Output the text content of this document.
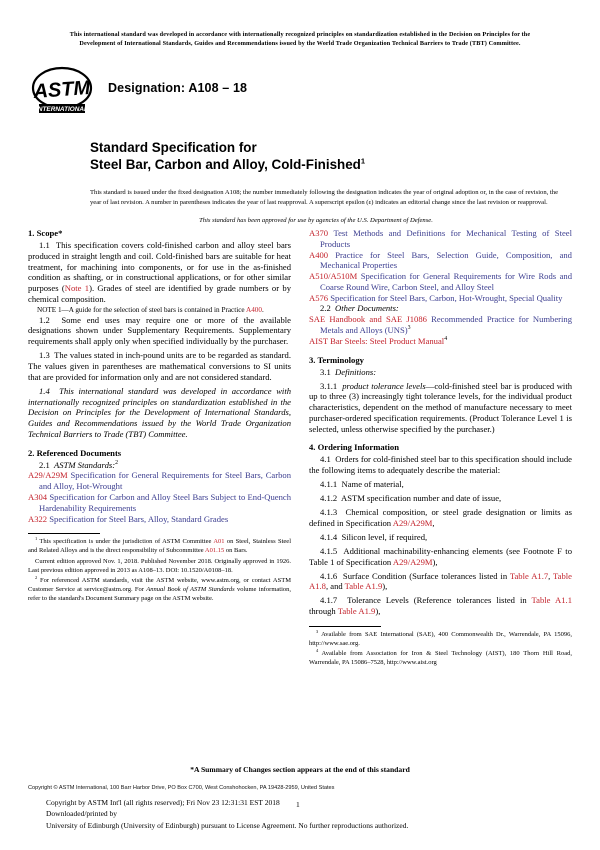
This international standard was developed in accordance with internationally recognized principles on standardization established in the Decision on Principles for the
Development of International Standards, Guides and Recommendations issued by the World Trade Organization Technical Barriers to Trade (TBT) Committee.
ASTM
INTERNATIONAL
Designation: A108 – 18
Standard Specification for
Steel Bar, Carbon and Alloy, Cold-Finished$^1$
This standard is issued under the fixed designation A108; the number immediately following the designation indicates the year of original adoption or, in the case of revision, the year of last revision. A number in parentheses indicates the year of last reapproval. A superscript epsilon (ε) indicates an editorial change since the last revision or reapproval.
This standard has been approved for use by agencies of the U.S. Department of Defense.
1. Scope*

1.1 This specification covers cold-finished carbon and alloy steel bars produced in straight length and coil. Cold-finished bars are suitable for heat treatment, for machining into components, or for use in the as-finished condition as shafting, or in constructional applications, or for other similar purposes (Note 1). Grades of steel are identified by grade numbers or by chemical composition.

NOTE 1—A guide for the selection of steel bars is contained in Practice A400.

1.2 Some end uses may require one or more of the available designations shown under Supplementary Requirements. Supplementary requirements shall apply only when specified individually by the purchaser.

1.3 The values stated in inch-pound units are to be regarded as standard. The values given in parentheses are mathematical conversions to SI units that are provided for information only and are not considered standard.

1.4 This international standard was developed in accordance with internationally recognized principles on standardization established in the Decision on Principles for the Development of International Standards, Guides and Recommendations issued by the World Trade Organization Technical Barriers to Trade (TBT) Committee.

2. Referenced Documents

2.1 ASTM Standards:$^2$

A29/A29M Specification for General Requirements for Steel Bars, Carbon and Alloy, Hot-Wrought

A304 Specification for Carbon and Alloy Steel Bars Subject to End-Quench Hardenability Requirements

A322 Specification for Steel Bars, Alloy, Standard Grades

$^1$ This specification is under the jurisdiction of ASTM Committee A01 on Steel, Stainless Steel and Related Alloys and is the direct responsibility of Subcommittee A01.15 on Bars.

Current edition approved Nov. 1, 2018. Published November 2018. Originally approved in 1926. Last previous edition approved in 2013 as A108–13. DOI: 10.1520/A0108–18.

$^2$ For referenced ASTM standards, visit the ASTM website, www.astm.org, or contact ASTM Customer Service at service@astm.org. For Annual Book of ASTM Standards volume information, refer to the standard's Document Summary page on the ASTM website.

A370 Test Methods and Definitions for Mechanical Testing of Steel Products

A400 Practice for Steel Bars, Selection Guide, Composition, and Mechanical Properties

A510/A510M Specification for General Requirements for Wire Rods and Coarse Round Wire, Carbon Steel, and Alloy Steel

A576 Specification for Steel Bars, Carbon, Hot-Wrought, Special Quality

2.2 Other Documents:

SAE Handbook and SAE J1086 Recommended Practice for Numbering Metals and Alloys (UNS)$^3$

AIST Bar Steels: Steel Product Manual$^4$

3. Terminology

3.1 Definitions:

3.1.1 product tolerance levels—cold-finished steel bar is produced with up to three (3) increasingly tight tolerance levels, for the individual product characteristics, dependent on the method of manufacture necessary to meet purchaser-ordered specification requirements. (Product Tolerance Level 1 is selected, unless otherwise specified by the purchaser.)

4. Ordering Information

4.1 Orders for cold-finished steel bar to this specification should include the following items to adequately describe the material:

4.1.1 Name of material,

4.1.2 ASTM specification number and date of issue,

4.1.3 Chemical composition, or steel grade designation or limits as defined in Specification A29/A29M,

4.1.4 Silicon level, if required,

4.1.5 Additional machinability-enhancing elements (see Footnote F to Table 1 of Specification A29/A29M),

4.1.6 Surface Condition (Surface tolerances listed in Table A1.7, Table A1.8, and Table A1.9),

4.1.7 Tolerance Levels (Reference tolerances listed in Table A1.1 through Table A1.9),

$^3$ Available from SAE International (SAE), 400 Commonwealth Dr., Warrendale, PA 15096, http://www.sae.org.

$^4$ Available from Association for Iron & Steel Technology (AIST), 180 Thorn Hill Road, Warrendale, PA 15086–7528, http://www.aist.org

*A Summary of Changes section appears at the end of this standard
Copyright © ASTM International, 100 Barr Harbor Drive, PO Box C700, West Conshohocken, PA 19428-2959, United States
Copyright by ASTM Int'l (all rights reserved); Fri Nov 23 12:31:31 EST 2018
Downloaded/printed by
University of Edinburgh (University of Edinburgh) pursuant to License Agreement. No further reproductions authorized.
1
